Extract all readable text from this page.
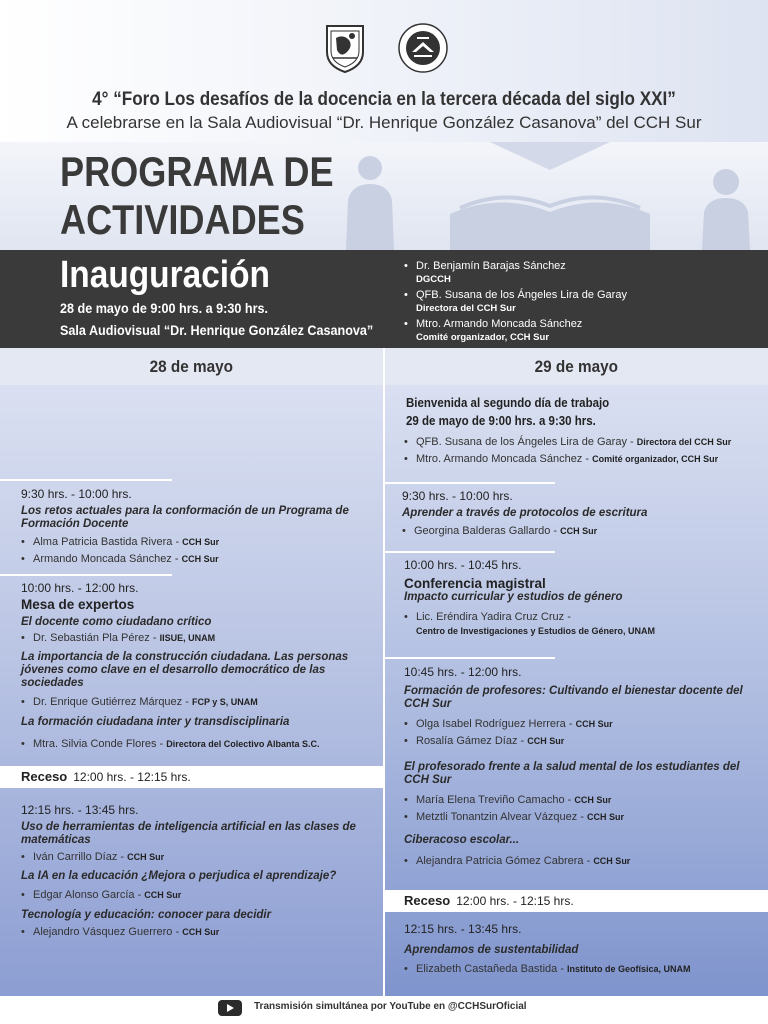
4° “Foro Los desafíos de la docencia en la tercera década del siglo XXI”
A celebrarse en la Sala Audiovisual “Dr. Henrique González Casanova” del CCH Sur
PROGRAMA DE
ACTIVIDADES
Inauguración
28 de mayo de 9:00 hrs. a 9:30 hrs.
Sala Audiovisual “Dr. Henrique González Casanova”
• Dr. Benjamín Barajas Sánchez
DGCCH
• QFB. Susana de los Ángeles Lira de Garay
Directora del CCH Sur
• Mtro. Armando Moncada Sánchez
Comité organizador, CCH Sur
28 de mayo
9:30 hrs. - 10:00 hrs.
Los retos actuales para la conformación de un Programa de Formación Docente
• Alma Patricia Bastida Rivera - CCH Sur
• Armando Moncada Sánchez - CCH Sur
10:00 hrs. - 12:00 hrs.
Mesa de expertos
El docente como ciudadano crítico
• Dr. Sebastián Pla Pérez - IISUE, UNAM
La importancia de la construcción ciudadana. Las personas jóvenes como clave en el desarrollo democrático de las sociedades
• Dr. Enrique Gutiérrez Márquez - FCP y S, UNAM
La formación ciudadana inter y transdisciplinaria
• Mtra. Silvia Conde Flores - Directora del Colectivo Albanta S.C.
Receso 12:00 hrs. - 12:15 hrs.
12:15 hrs. - 13:45 hrs.
Uso de herramientas de inteligencia artificial en las clases de matemáticas
• Iván Carrillo Díaz - CCH Sur
La IA en la educación ¿Mejora o perjudica el aprendizaje?
• Edgar Alonso García - CCH Sur
Tecnología y educación: conocer para decidir
• Alejandro Vásquez Guerrero - CCH Sur
29 de mayo
Bienvenida al segundo día de trabajo
29 de mayo de 9:00 hrs. a 9:30 hrs.
• QFB. Susana de los Ángeles Lira de Garay - Directora del CCH Sur
• Mtro. Armando Moncada Sánchez - Comité organizador, CCH Sur
9:30 hrs. - 10:00 hrs.
Aprender a través de protocolos de escritura
• Georgina Balderas Gallardo - CCH Sur
10:00 hrs. - 10:45 hrs.
Conferencia magistral
Impacto curricular y estudios de género
• Lic. Eréndira Yadira Cruz Cruz -
Centro de Investigaciones y Estudios de Género, UNAM
10:45 hrs. - 12:00 hrs.
Formación de profesores: Cultivando el bienestar docente del CCH Sur
• Olga Isabel Rodríguez Herrera - CCH Sur
• Rosalía Gámez Díaz - CCH Sur
El profesorado frente a la salud mental de los estudiantes del CCH Sur
• María Elena Treviño Camacho - CCH Sur
• Metztli Tonantzin Alvear Vázquez - CCH Sur
Ciberacoso escolar...
• Alejandra Patricia Gómez Cabrera - CCH Sur
Receso 12:00 hrs. - 12:15 hrs.
12:15 hrs. - 13:45 hrs.
Aprendamos de sustentabilidad
• Elizabeth Castañeda Bastida - Instituto de Geofísica, UNAM
Transmisión simultánea por YouTube en @CCHSurOficial
